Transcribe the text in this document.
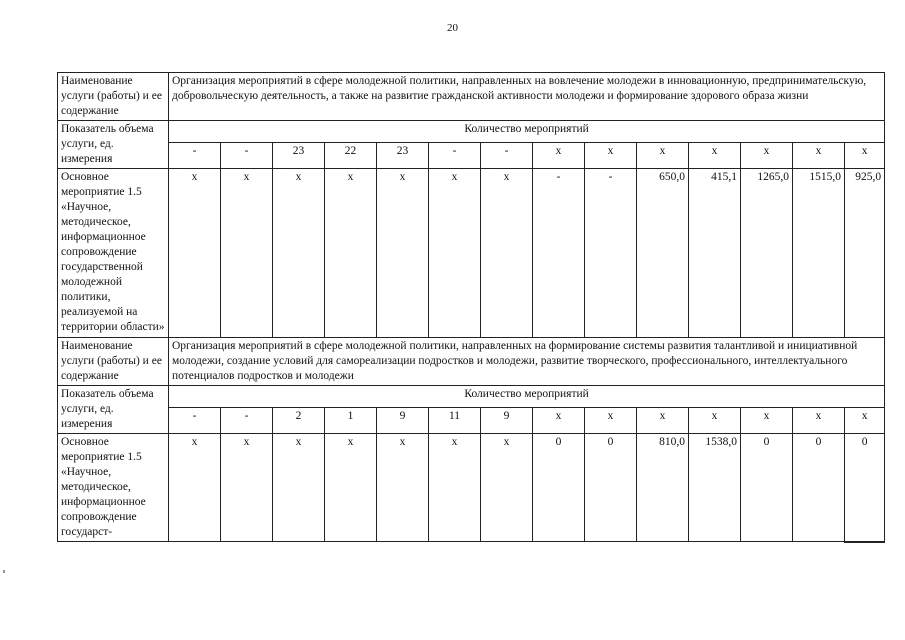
20
Наименование услуги (работы) и ее содержание	Организация мероприятий в сфере молодежной политики, направленных на вовлечение молодежи в инновационную, предпринимательскую, добровольческую деятельность, а также на развитие гражданской активности молодежи и формирование здорового образа жизни													
Показатель объема услуги, ед. измерения	Количество мероприятий													
	-	-	23	22	23	-	-	x	x	x	x	x	x	x
Основное мероприятие 1.5 «Научное, методическое, информационное сопровождение государственной молодежной политики, реализуемой на территории области»	x	x	x	x	x	x	x	-	-	650,0	415,1	1265,0	1515,0	925,0
Наименование услуги (работы) и ее содержание	Организация мероприятий в сфере молодежной политики, направленных на формирование системы развития талантливой и инициативной молодежи, создание условий для самореализации подростков и молодежи, развитие творческого, профессионального, интеллектуального потенциалов подростков и молодежи													
Показатель объема услуги, ед. измерения	Количество мероприятий													
	-	-	2	1	9	11	9	x	x	x	x	x	x	x
Основное мероприятие 1.5 «Научное, методическое, информационное сопровождение государст-	x	x	x	x	x	x	x	0	0	810,0	1538,0	0	0	0
